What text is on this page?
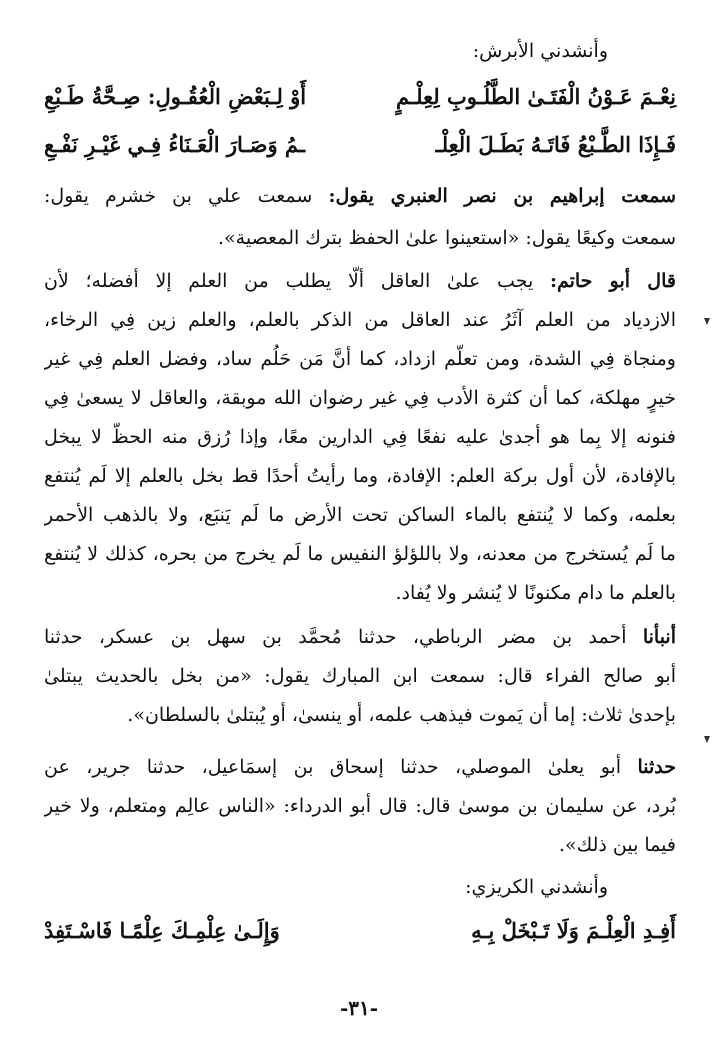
وأنشدني الأبرش:
نِعْـمَ عَـوْنُ الْفَتَـىٰ الطَّلُـوبِ لِعِلْـمٍ
أَوْ لِـبَعْضِ الْعُقُـولِ: صِـحَّةُ طَـبْعِ
فَـإِذَا الطَّـبْعُ فَاتَـهُ بَطَـلَ الْعِلْـ
ـمُ وَصَـارَ الْعَـنَاءُ فِـي غَيْـرِ نَفْـعِ
سمعت إبراهيم بن نصر العنبري يقول: سمعت علي بن خشرم يقول:
سمعت وكيعًا يقول: «استعينوا علىٰ الحفظ بترك المعصية».
قال أبو حاتم: يجب علىٰ العاقل ألَّا يطلب من العلم إلا أفضله؛ لأن
الازدياد من العلم آثَرُ عند العاقل من الذكر بالعلم، والعلم زين فِي الرخاء،
ومنجاة فِي الشدة، ومن تعلَّم ازداد، كما أنَّ مَن حَلُم ساد، وفضل العلم فِي غير
خيرٍ مهلكة، كما أن كثرة الأدب فِي غير رضوان الله موبقة، والعاقل لا يسعىٰ فِي
فنونه إلا بِما هو أجدىٰ عليه نفعًا فِي الدارين معًا، وإذا رُزق منه الحظَّ لا يبخل
بالإفادة، لأن أول بركة العلم: الإفادة، وما رأيتُ أحدًا قط بخل بالعلم إلا لَم يُنتفع
بعلمه، وكما لا يُنتفع بالماء الساكن تحت الأرض ما لَم يَنبَع، ولا بالذهب الأحمر
ما لَم يُستخرج من معدنه، ولا باللؤلؤ النفيس ما لَم يخرج من بحره، كذلك لا يُنتفع
بالعلم ما دام مكنونًا لا يُنشر ولا يُفاد.
أنبأنا أحمد بن مضر الرباطي، حدثنا مُحمَّد بن سهل بن عسكر، حدثنا
أبو صالح الفراء قال: سمعت ابن المبارك يقول: «من بخل بالحديث يبتلىٰ
بإحدىٰ ثلاث: إما أن يَموت فيذهب علمه، أو ينسىٰ، أو يُبتلىٰ بالسلطان».
حدثنا أبو يعلىٰ الموصلي، حدثنا إسحاق بن إسمَاعيل، حدثنا جرير، عن
بُرد، عن سليمان بن موسىٰ قال: قال أبو الدرداء: «الناس عالِم ومتعلم، ولا خير
فيما بين ذلك».
وأنشدني الكريزي:
أَفِـدِ الْعِلْـمَ وَلَا تَـبْخَلْ بِـهِ
وَإِلَـىٰ عِلْمِـكَ عِلْمًـا فَاسْـتَفِدْ
-٣١-
